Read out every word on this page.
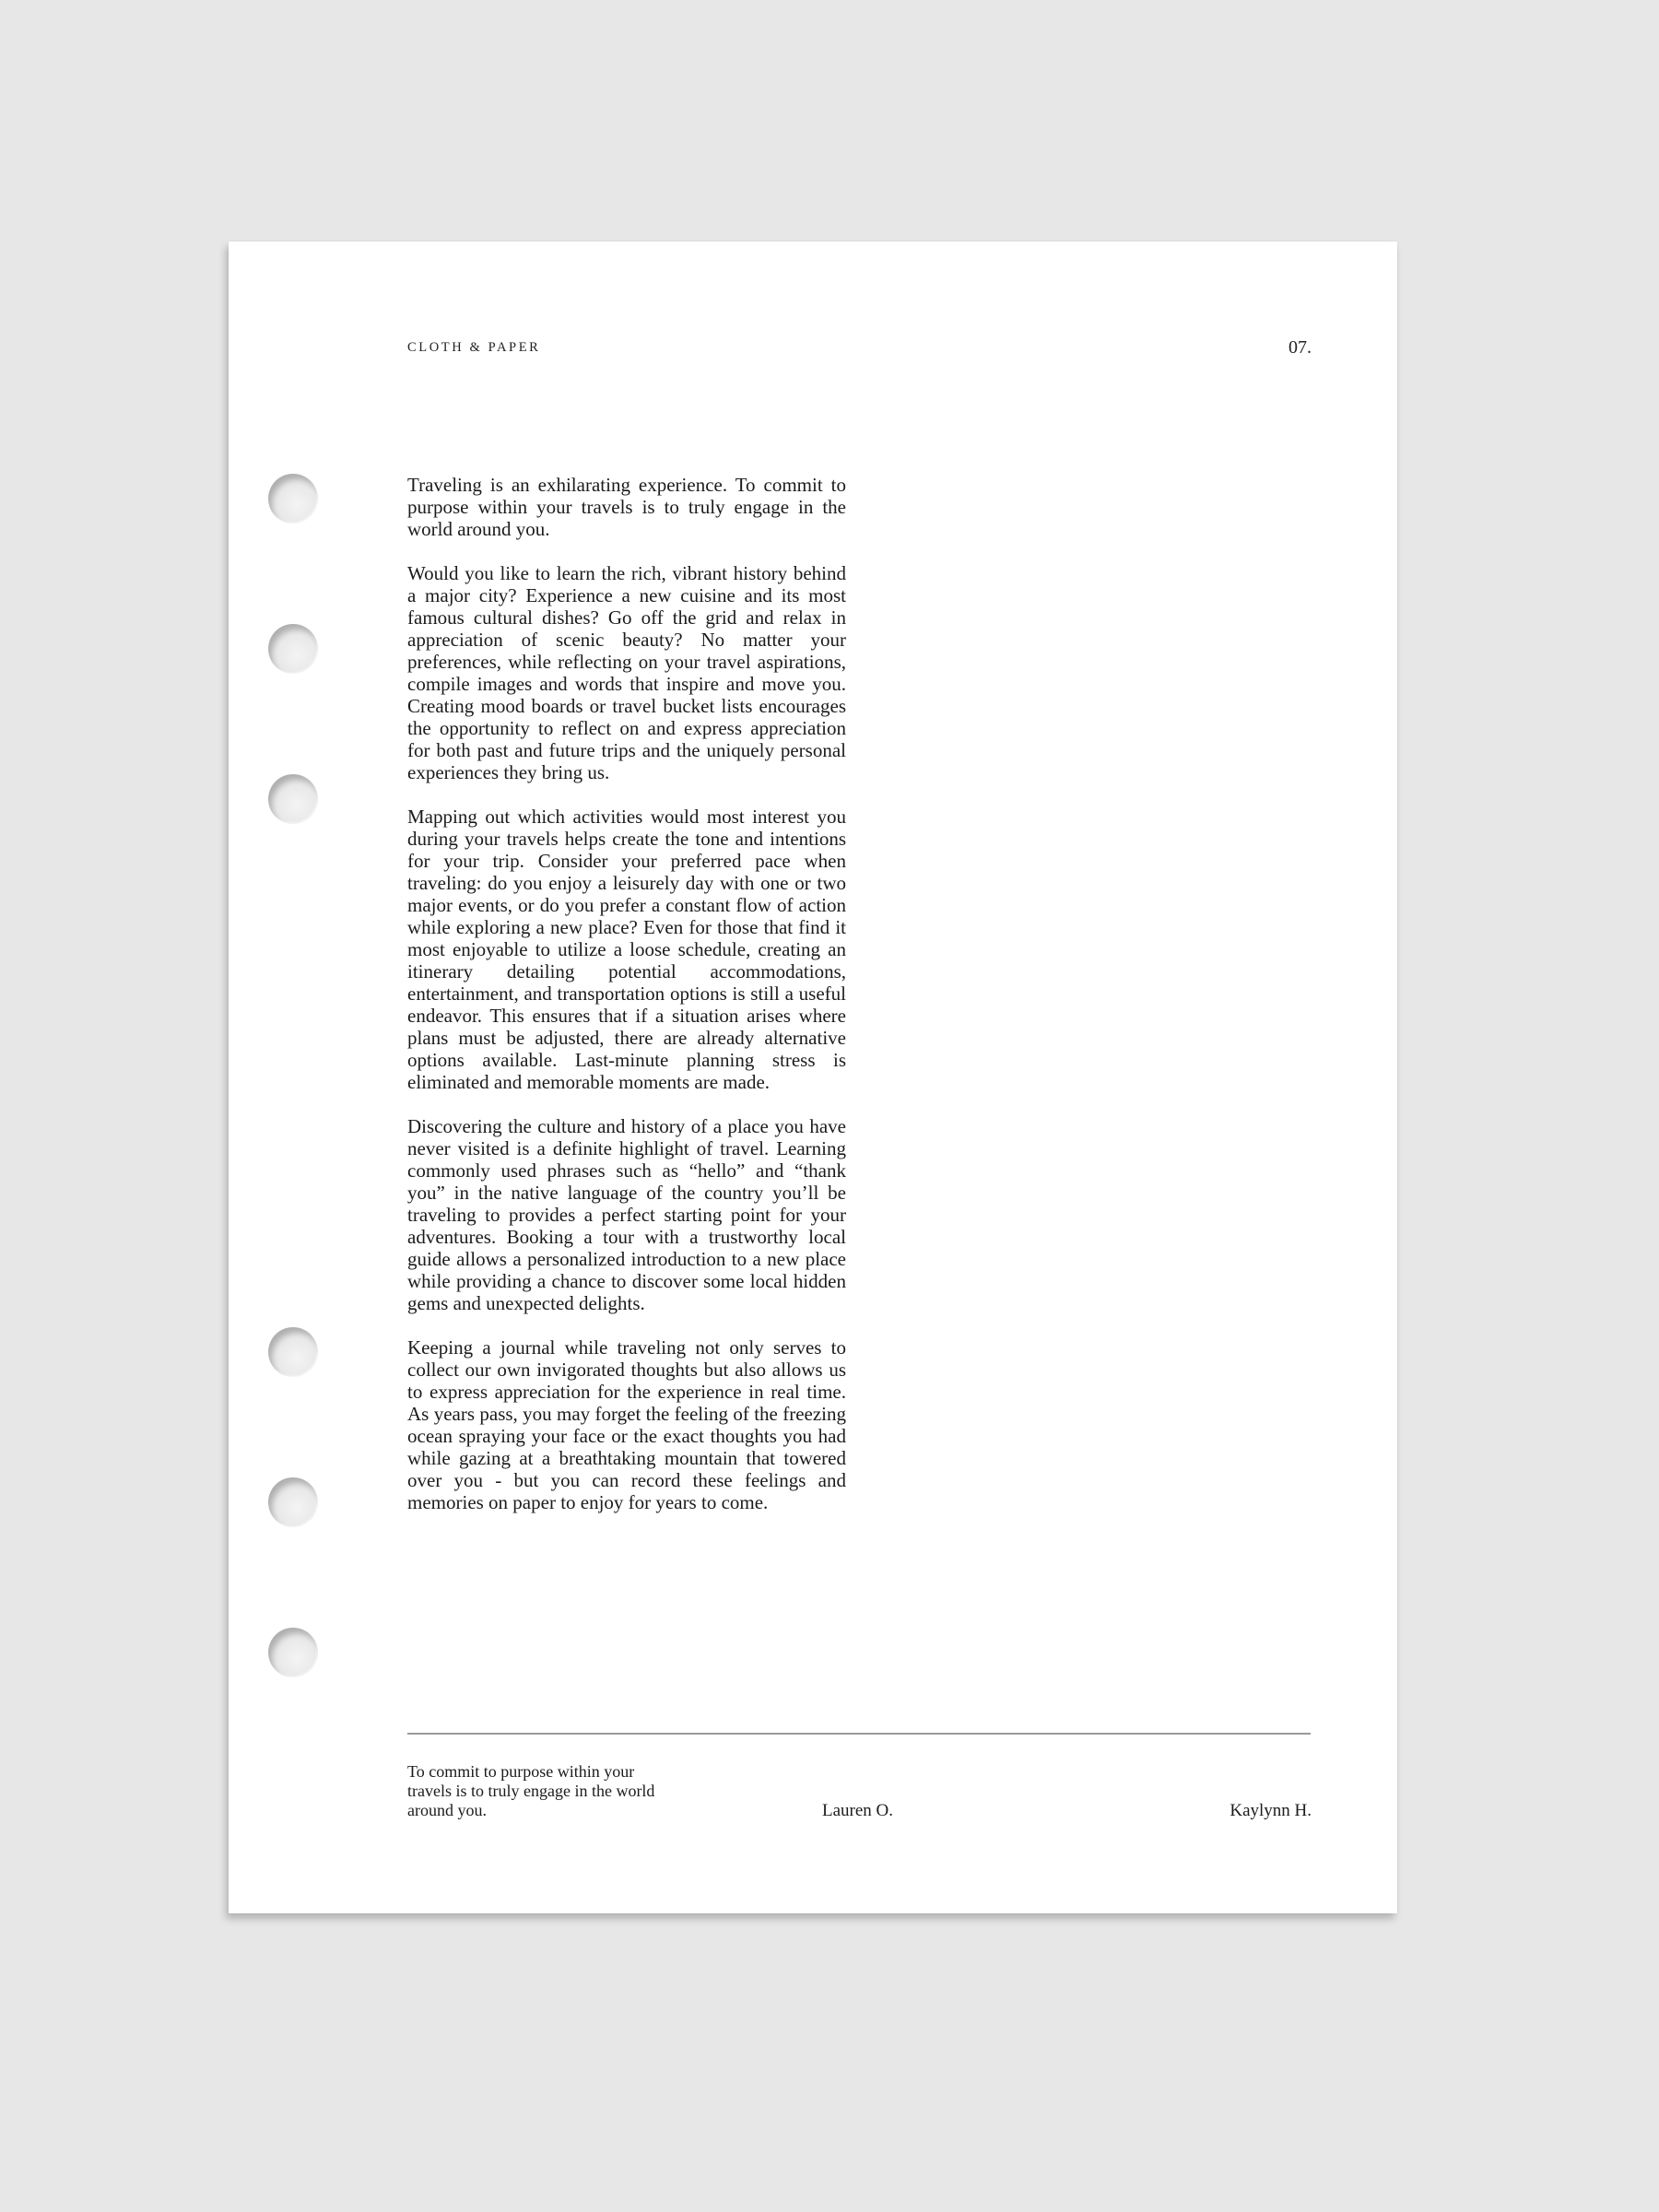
CLOTH & PAPER	07.

Traveling is an exhilarating experience. To commit to purpose within your travels is to truly engage in the world around you.

Would you like to learn the rich, vibrant history behind a major city? Experience a new cuisine and its most famous cultural dishes? Go off the grid and relax in appreciation of scenic beauty? No matter your preferences, while reflecting on your travel aspirations, compile images and words that inspire and move you. Creating mood boards or travel bucket lists encourages the opportunity to reflect on and express appreciation for both past and future trips and the uniquely personal experiences they bring us.

Mapping out which activities would most interest you during your travels helps create the tone and intentions for your trip. Consider your preferred pace when traveling: do you enjoy a leisurely day with one or two major events, or do you prefer a constant flow of action while exploring a new place? Even for those that find it most enjoyable to utilize a loose schedule, creating an itinerary detailing potential accommodations, entertainment, and transportation options is still a useful endeavor. This ensures that if a situation arises where plans must be adjusted, there are already alternative options available. Last-minute planning stress is eliminated and memorable moments are made.

Discovering the culture and history of a place you have never visited is a definite highlight of travel. Learning commonly used phrases such as “hello” and “thank you” in the native language of the country you’ll be traveling to provides a perfect starting point for your adventures. Booking a tour with a trustworthy local guide allows a personalized introduction to a new place while providing a chance to discover some local hidden gems and unexpected delights.

Keeping a journal while traveling not only serves to collect our own invigorated thoughts but also allows us to express appreciation for the experience in real time. As years pass, you may forget the feeling of the freezing ocean spraying your face or the exact thoughts you had while gazing at a breathtaking mountain that towered over you - but you can record these feelings and memories on paper to enjoy for years to come.

To commit to purpose within your travels is to truly engage in the world around you.	Lauren O.	Kaylynn H.
